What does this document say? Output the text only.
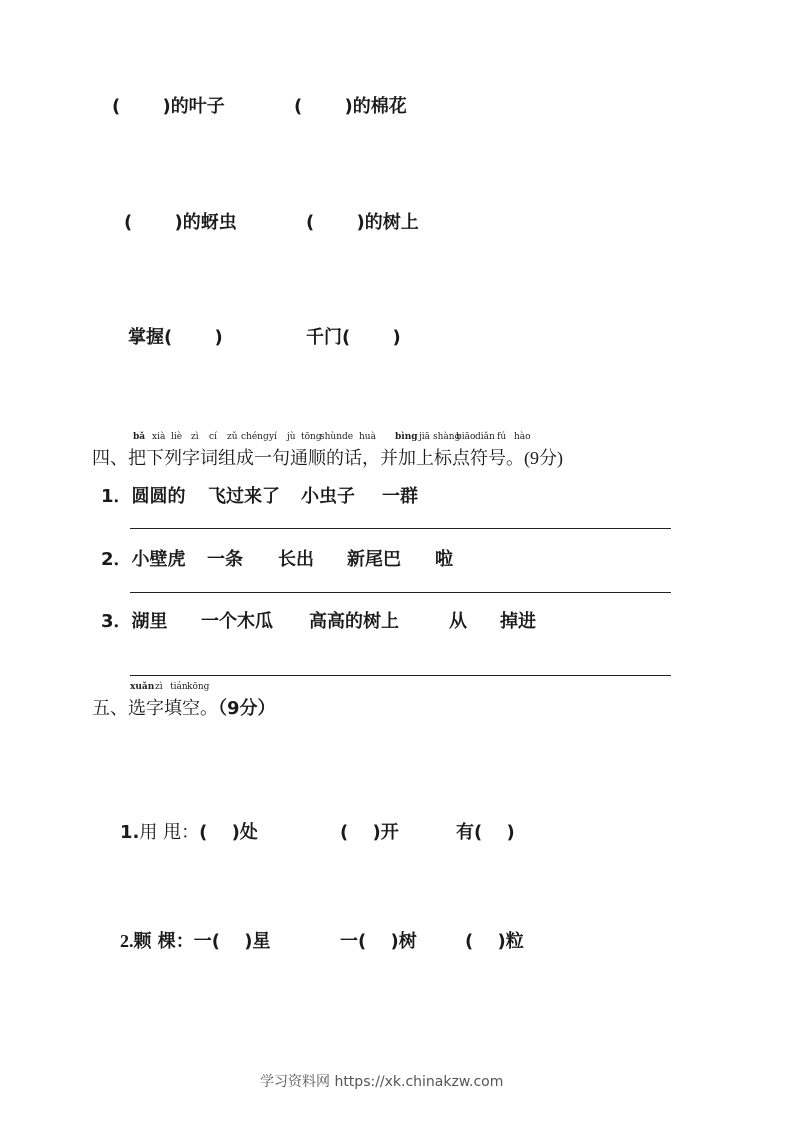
(　　 )的叶子	(　　 )的棉花
(　　 )的蚜虫	(　　 )的树上
掌握(　　 )	千门(　　 )
bǎ xià liè zì cí zǔ chéng yí jù tōng
shùn de huà bìng jiā shàng
biāo diǎn fú hào
四、把下列字词组成一句通顺的话，并加上标点符号。(9分)
1．圆圆的 飞过来了 小虫子 一群
2．小壁虎 一条 长出 新尾巴 啦
3．湖里 一个木瓜 高高的树上	从 掉进
xuǎn zì tián kōng
五、选字填空。（9分）
1.用 甩：(　 )处	(　 )开	有(　 )
2.颗 棵：一(　 )星	一(　 )树	(　 )粒
学习资料网 https://xk.chinakzw.com
